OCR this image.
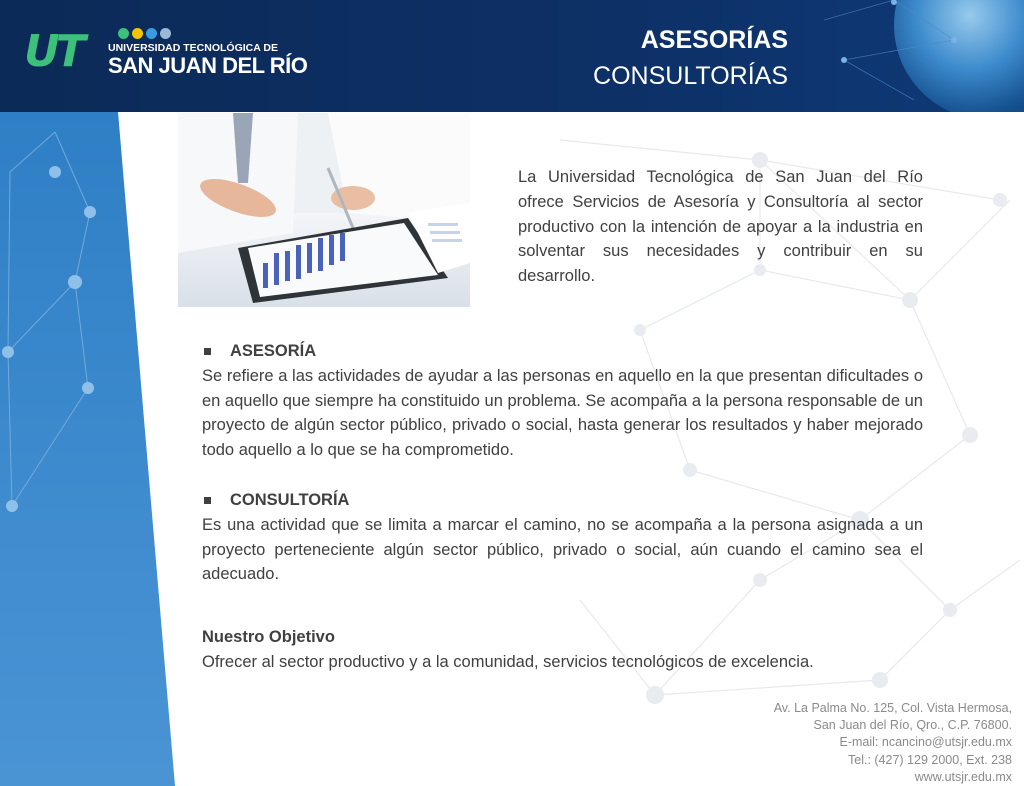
UT	UNIVERSIDAD TECNOLÓGICA DE
SAN JUAN DEL RÍO
ASESORÍAS
CONSULTORÍAS
La Universidad Tecnológica de San Juan del Río ofrece Servicios de Asesoría y Consultoría al sector productivo con la intención de apoyar a la industria en solventar sus necesidades y contribuir en su desarrollo.
ASESORÍA
Se refiere a las actividades de ayudar a las personas en aquello en la que presentan dificultades o en aquello que siempre ha constituido un problema. Se acompaña a la persona responsable de un proyecto de algún sector público, privado o social, hasta generar los resultados y haber mejorado todo aquello a lo que se ha comprometido.
CONSULTORÍA
Es una actividad que se limita a marcar el camino, no se acompaña a la persona asignada a un proyecto perteneciente algún sector público, privado o social, aún cuando el camino sea el adecuado.
Nuestro Objetivo
Ofrecer al sector productivo y a la comunidad, servicios tecnológicos de excelencia.
Av. La Palma No. 125, Col. Vista Hermosa,
San Juan del Río, Qro., C.P. 76800.
E-mail: ncancino@utsjr.edu.mx
Tel.: (427) 129 2000, Ext. 238
www.utsjr.edu.mx
